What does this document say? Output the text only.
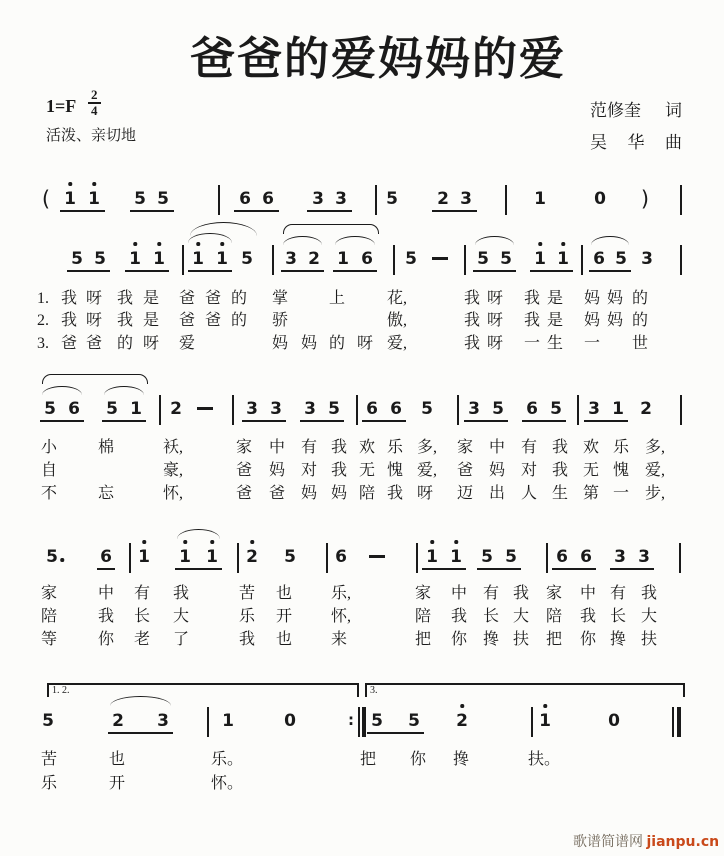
爸爸的爱妈妈的爱
$1=F \frac{2}{4}$
活泼、亲切地
范修奎 词
吴 华 曲
歌谱简谱网 jianpu.cn
( 1 1 5 5	6 6 3 3 5 2 3	1	0 )
5 5 1 1 1 1 5 3 2 1 6 5	5 5 1 1 6 5 3
5 6 5 1 2	3 3 3 5 6 6 5 3 5 6 5 3 1 2
5 6 1 1 1 2 5 6	1 1 5 5 6 6 3 3
5	2 3	1	0	: 5 5 2	1	0
1. 2.	3.
1. 我 呀 我 是 爸 爸 的 掌	上	花,	我 呀 我 是 妈 妈 的
2. 我 呀 我 是 爸 爸 的 骄	傲,	我 呀 我 是 妈 妈 的
3. 爸 爸 的 呀 爱	妈 妈 的 呀 爱,	我 呀 一 生 一 世
小	棉	袄,	家 中 有 我 欢 乐 多, 家 中 有 我 欢 乐 多,
自	豪,	爸 妈 对 我 无 愧 爱, 爸 妈 对 我 无 愧 爱,
不	忘	怀,	爸 爸 妈 妈 陪 我 呀 迈 出 人 生 第 一 步,
家	中 有 我	苦 也 乐,	家 中 有 我 家 中 有 我
陪	我 长 大	乐 开 怀,	陪 我 长 大 陪 我 长 大
等	你 老 了	我 也 来	把 你 搀 扶 把 你 搀 扶
苦	也	乐。	把 你 搀	扶。
乐	开	怀。
